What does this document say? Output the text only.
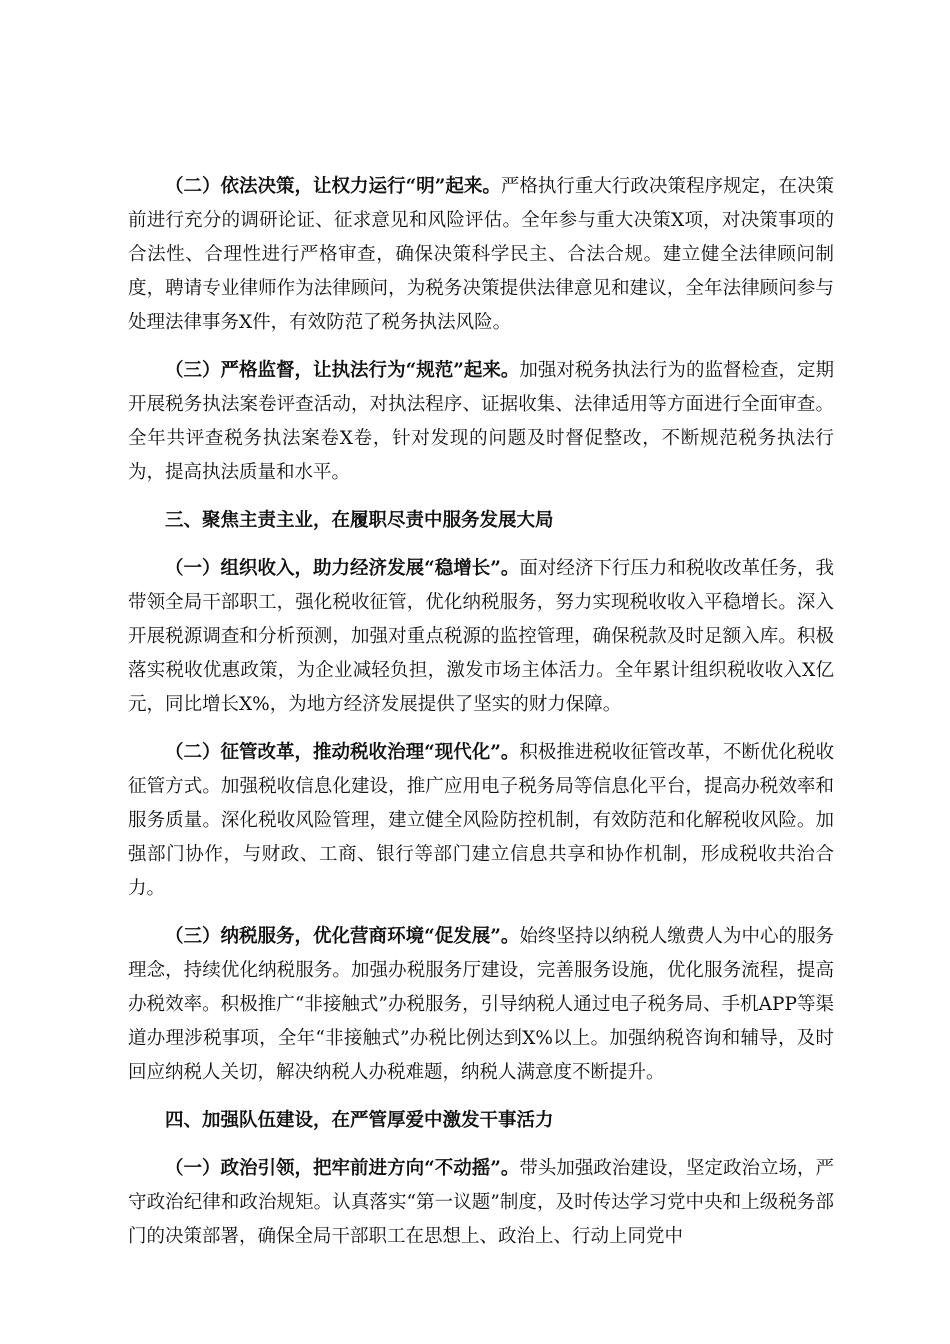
（二）依法决策，让权力运行“明”起来。严格执行重大行政决策程序规定，在决策前进行充分的调研论证、征求意见和风险评估。全年参与重大决策X项，对决策事项的合法性、合理性进行严格审查，确保决策科学民主、合法合规。建立健全法律顾问制度，聘请专业律师作为法律顾问，为税务决策提供法律意见和建议，全年法律顾问参与处理法律事务X件，有效防范了税务执法风险。

（三）严格监督，让执法行为“规范”起来。加强对税务执法行为的监督检查，定期开展税务执法案卷评查活动，对执法程序、证据收集、法律适用等方面进行全面审查。全年共评查税务执法案卷X卷，针对发现的问题及时督促整改，不断规范税务执法行为，提高执法质量和水平。

三、聚焦主责主业，在履职尽责中服务发展大局

（一）组织收入，助力经济发展“稳增长”。面对经济下行压力和税收改革任务，我带领全局干部职工，强化税收征管，优化纳税服务，努力实现税收收入平稳增长。深入开展税源调查和分析预测，加强对重点税源的监控管理，确保税款及时足额入库。积极落实税收优惠政策，为企业减轻负担，激发市场主体活力。全年累计组织税收收入X亿元，同比增长X%，为地方经济发展提供了坚实的财力保障。

（二）征管改革，推动税收治理“现代化”。积极推进税收征管改革，不断优化税收征管方式。加强税收信息化建设，推广应用电子税务局等信息化平台，提高办税效率和服务质量。深化税收风险管理，建立健全风险防控机制，有效防范和化解税收风险。加强部门协作，与财政、工商、银行等部门建立信息共享和协作机制，形成税收共治合力。

（三）纳税服务，优化营商环境“促发展”。始终坚持以纳税人缴费人为中心的服务理念，持续优化纳税服务。加强办税服务厅建设，完善服务设施，优化服务流程，提高办税效率。积极推广“非接触式”办税服务，引导纳税人通过电子税务局、手机APP等渠道办理涉税事项，全年“非接触式”办税比例达到X%以上。加强纳税咨询和辅导，及时回应纳税人关切，解决纳税人办税难题，纳税人满意度不断提升。

四、加强队伍建设，在严管厚爱中激发干事活力

（一）政治引领，把牢前进方向“不动摇”。带头加强政治建设，坚定政治立场，严守政治纪律和政治规矩。认真落实“第一议题”制度，及时传达学习党中央和上级税务部门的决策部署，确保全局干部职工在思想上、政治上、行动上同党中
